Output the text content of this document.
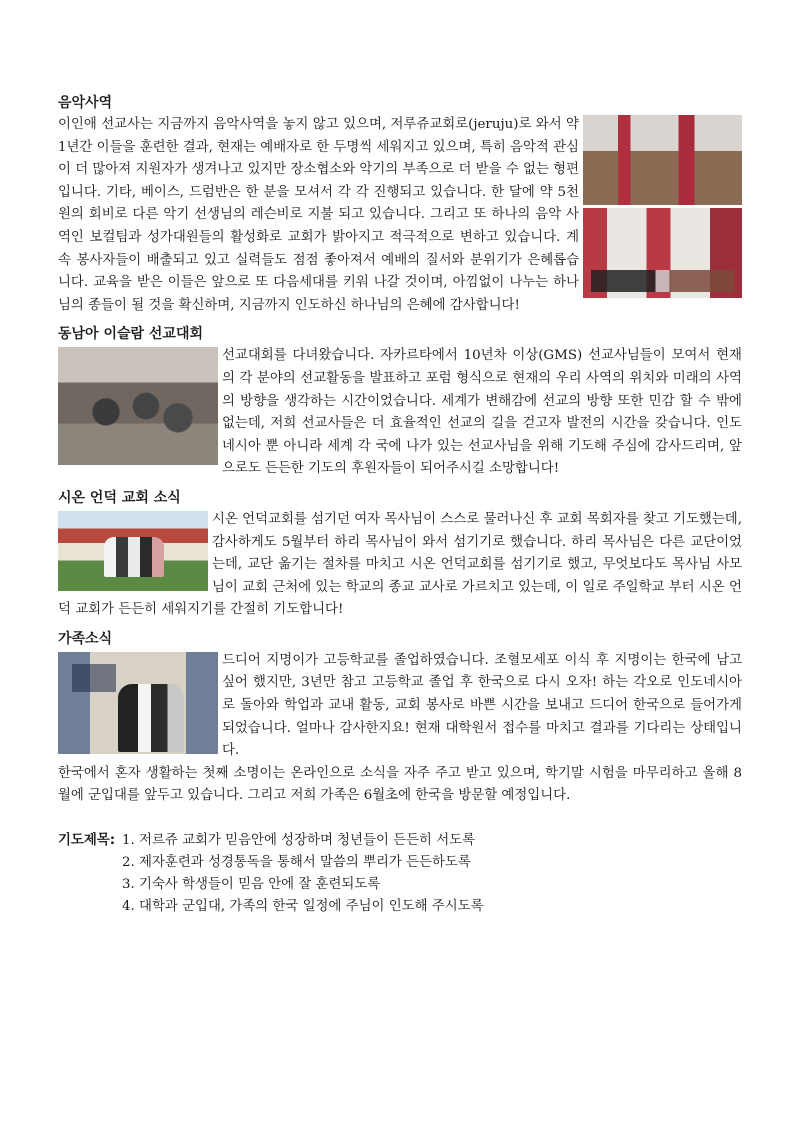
음악사역
이인애 선교사는 지금까지 음악사역을 놓지 않고 있으며, 저루쥬교회로(jeruju)로 와서 약 1년간 이들을 훈련한 결과, 현재는 예배자로 한 두명씩 세워지고 있으며, 특히 음악적 관심이 더 많아져 지원자가 생겨나고 있지만 장소협소와 악기의 부족으로 더 받을 수 없는 형편입니다. 기타, 베이스, 드럼반은 한 분을 모셔서 각 각 진행되고 있습니다. 한 달에 약 5천원의 회비로 다른 악기 선생님의 레슨비로 지불 되고 있습니다. 그리고 또 하나의 음악 사역인 보컬팀과 성가대원들의 활성화로 교회가 밝아지고 적극적으로 변하고 있습니다. 계속 봉사자들이 배출되고 있고 실력들도 점점 좋아져서 예배의 질서와 분위기가 은혜롭습니다. 교육을 받은 이들은 앞으로 또 다음세대를 키워 나갈 것이며, 아낌없이 나누는 하나님의 종들이 될 것을 확신하며, 지금까지 인도하신 하나님의 은혜에 감사합니다!
동남아 이슬람 선교대회
선교대회를 다녀왔습니다. 자카르타에서 10년차 이상(GMS) 선교사님들이 모여서 현재의 각 분야의 선교활동을 발표하고 포럼 형식으로 현재의 우리 사역의 위치와 미래의 사역의 방향을 생각하는 시간이었습니다. 세계가 변해감에 선교의 방향 또한 민감 할 수 밖에 없는데, 저희 선교사들은 더 효율적인 선교의 길을 걷고자 발전의 시간을 갖습니다. 인도네시아 뿐 아니라 세계 각 국에 나가 있는 선교사님을 위해 기도해 주심에 감사드리며, 앞으로도 든든한 기도의 후원자들이 되어주시길 소망합니다!
시온 언덕 교회 소식
시온 언덕교회를 섬기던 여자 목사님이 스스로 물러나신 후 교회 목회자를 찾고 기도했는데, 감사하게도 5월부터 하리 목사님이 와서 섬기기로 했습니다. 하리 목사님은 다른 교단이었는데, 교단 옮기는 절차를 마치고 시온 언덕교회를 섬기기로 했고, 무엇보다도 목사님 사모님이 교회 근처에 있는 학교의 종교 교사로 가르치고 있는데, 이 일로 주일학교 부터 시온 언덕 교회가 든든히 세워지기를 간절히 기도합니다!
가족소식
드디어 지명이가 고등학교를 졸업하였습니다. 조혈모세포 이식 후 지명이는 한국에 남고 싶어 했지만, 3년만 참고 고등학교 졸업 후 한국으로 다시 오자! 하는 각오로 인도네시아로 돌아와 학업과 교내 활동, 교회 봉사로 바쁜 시간을 보내고 드디어 한국으로 들어가게 되었습니다. 얼마나 감사한지요! 현재 대학원서 접수를 마치고 결과를 기다리는 상태입니다.
한국에서 혼자 생활하는 첫째 소명이는 온라인으로 소식을 자주 주고 받고 있으며, 학기말 시험을 마무리하고 올해 8월에 군입대를 앞두고 있습니다. 그리고 저희 가족은 6월초에 한국을 방문할 예정입니다.
기도제목: 1. 저르쥬 교회가 믿음안에 성장하며 청년들이 든든히 서도록
2. 제자훈련과 성경통독을 통해서 말씀의 뿌리가 든든하도록
3. 기숙사 학생들이 믿음 안에 잘 훈련되도록
4. 대학과 군입대, 가족의 한국 일정에 주님이 인도해 주시도록
